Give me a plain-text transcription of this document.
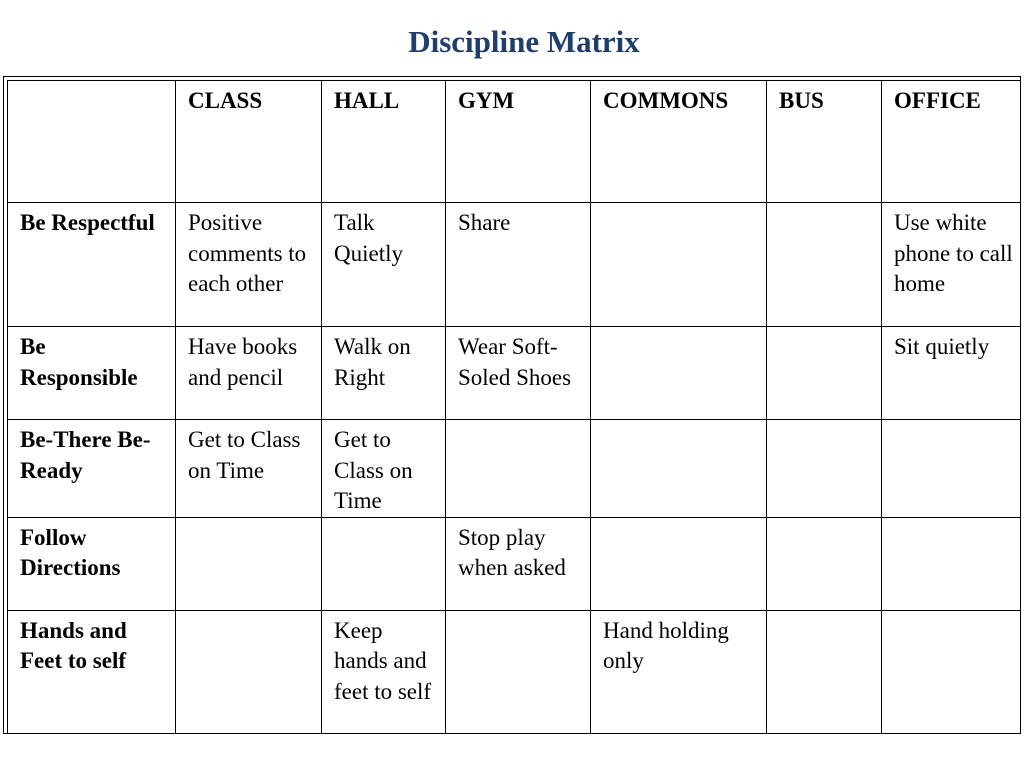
Discipline Matrix
	CLASS	HALL	GYM	COMMONS	BUS	OFFICE
Be Respectful	Positive comments to each other	Talk Quietly	Share			Use white phone to call home
Be Responsible	Have books and pencil	Walk on Right	Wear Soft-Soled Shoes			Sit quietly
Be-There Be-Ready	Get to Class on Time	Get to Class on Time				
Follow Directions			Stop play when asked			
Hands and Feet to self		Keep hands and feet to self		Hand holding only		
